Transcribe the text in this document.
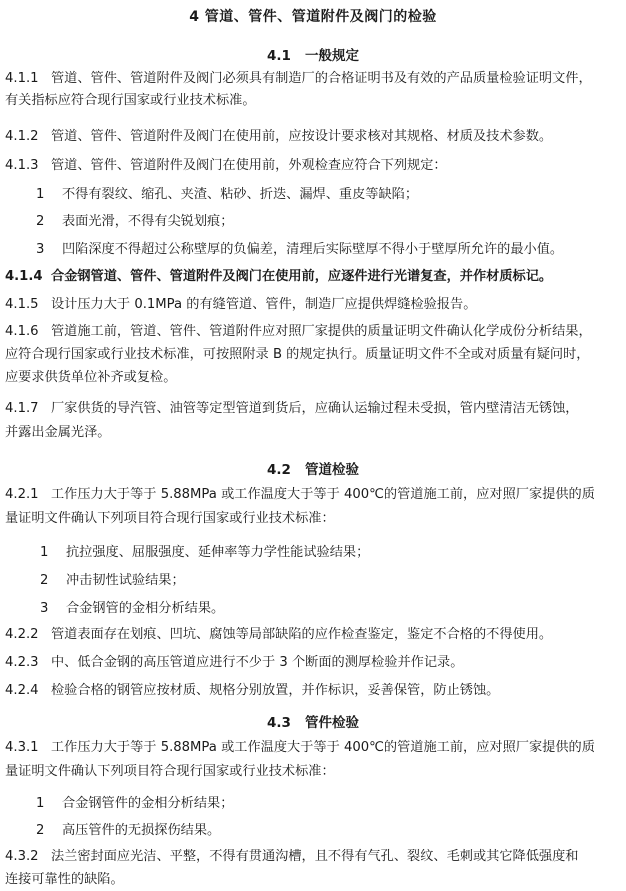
4 管道、管件、管道附件及阀门的检验
4.1 一般规定
4.1.1 管道、管件、管道附件及阀门必须具有制造厂的合格证明书及有效的产品质量检验证明文件，
有关指标应符合现行国家或行业技术标准。
4.1.2 管道、管件、管道附件及阀门在使用前，应按设计要求核对其规格、材质及技术参数。
4.1.3 管道、管件、管道附件及阀门在使用前，外观检查应符合下列规定：
1 不得有裂纹、缩孔、夹渣、粘砂、折迭、漏焊、重皮等缺陷；
2 表面光滑，不得有尖锐划痕；
3 凹陷深度不得超过公称壁厚的负偏差，清理后实际壁厚不得小于壁厚所允许的最小值。
4.1.4 合金钢管道、管件、管道附件及阀门在使用前，应逐件进行光谱复查，并作材质标记。
4.1.5 设计压力大于 0.1MPa 的有缝管道、管件，制造厂应提供焊缝检验报告。
4.1.6 管道施工前，管道、管件、管道附件应对照厂家提供的质量证明文件确认化学成份分析结果，
应符合现行国家或行业技术标准，可按照附录 B 的规定执行。质量证明文件不全或对质量有疑问时，
应要求供货单位补齐或复检。
4.1.7 厂家供货的导汽管、油管等定型管道到货后，应确认运输过程未受损，管内壁清洁无锈蚀，
并露出金属光泽。
4.2 管道检验
4.2.1 工作压力大于等于 5.88MPa 或工作温度大于等于 400℃的管道施工前，应对照厂家提供的质
量证明文件确认下列项目符合现行国家或行业技术标准：
1 抗拉强度、屈服强度、延伸率等力学性能试验结果；
2 冲击韧性试验结果；
3 合金钢管的金相分析结果。
4.2.2 管道表面存在划痕、凹坑、腐蚀等局部缺陷的应作检查鉴定，鉴定不合格的不得使用。
4.2.3 中、低合金钢的高压管道应进行不少于 3 个断面的测厚检验并作记录。
4.2.4 检验合格的钢管应按材质、规格分别放置，并作标识，妥善保管，防止锈蚀。
4.3 管件检验
4.3.1 工作压力大于等于 5.88MPa 或工作温度大于等于 400℃的管道施工前，应对照厂家提供的质
量证明文件确认下列项目符合现行国家或行业技术标准：
1 合金钢管件的金相分析结果；
2 高压管件的无损探伤结果。
4.3.2 法兰密封面应光洁、平整，不得有贯通沟槽，且不得有气孔、裂纹、毛刺或其它降低强度和
连接可靠性的缺陷。
